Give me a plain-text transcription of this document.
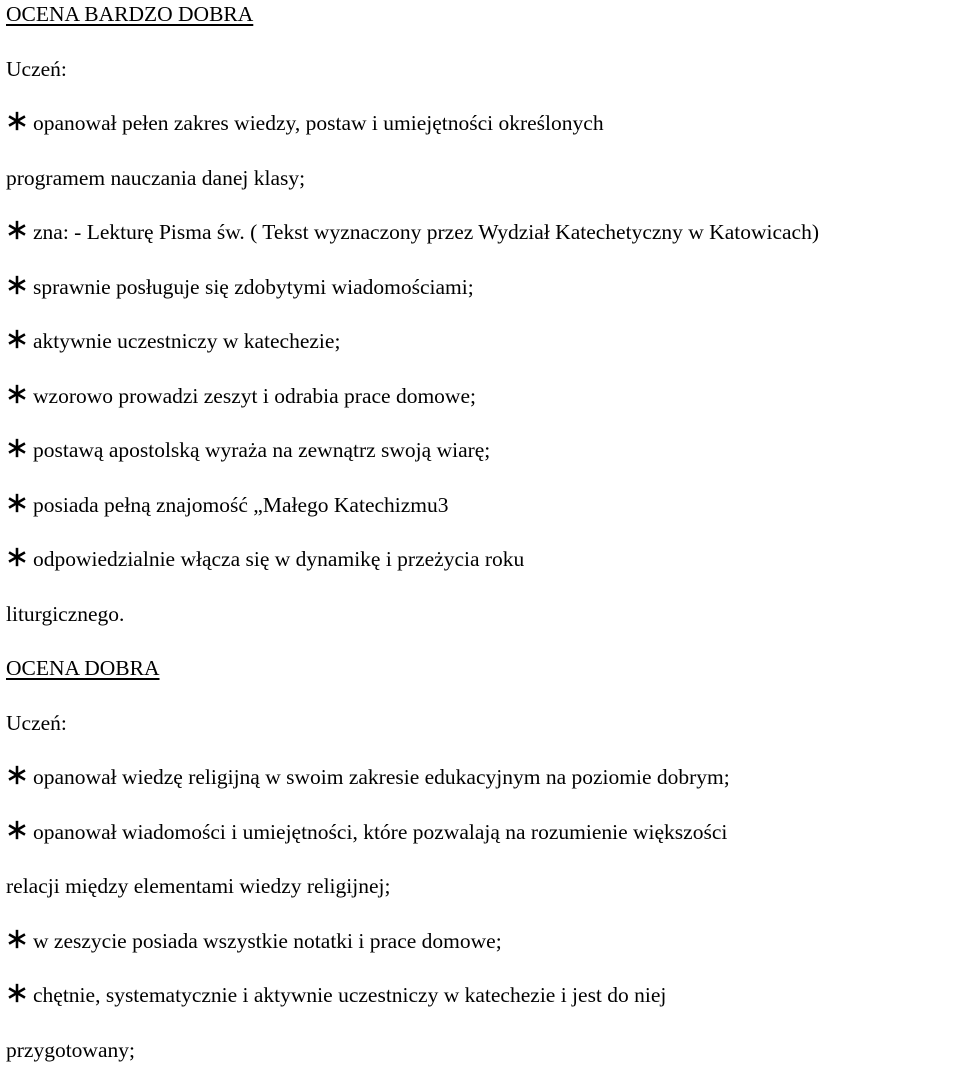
OCENA BARDZO DOBRA
Uczeń:
opanował pełen zakres wiedzy, postaw i umiejętności określonych
programem nauczania danej klasy;
zna: - Lekturę Pisma św. ( Tekst wyznaczony przez Wydział Katechetyczny w Katowicach)
sprawnie posługuje się zdobytymi wiadomościami;
aktywnie uczestniczy w katechezie;
wzorowo prowadzi zeszyt i odrabia prace domowe;
postawą apostolską wyraża na zewnątrz swoją wiarę;
posiada pełną znajomość „Małego Katechizmu3
odpowiedzialnie włącza się w dynamikę i przeżycia roku
liturgicznego.
OCENA DOBRA
Uczeń:
opanował wiedzę religijną w swoim zakresie edukacyjnym na poziomie dobrym;
opanował wiadomości i umiejętności, które pozwalają na rozumienie większości
relacji między elementami wiedzy religijnej;
w zeszycie posiada wszystkie notatki i prace domowe;
chętnie, systematycznie i aktywnie uczestniczy w katechezie i jest do niej
przygotowany;
